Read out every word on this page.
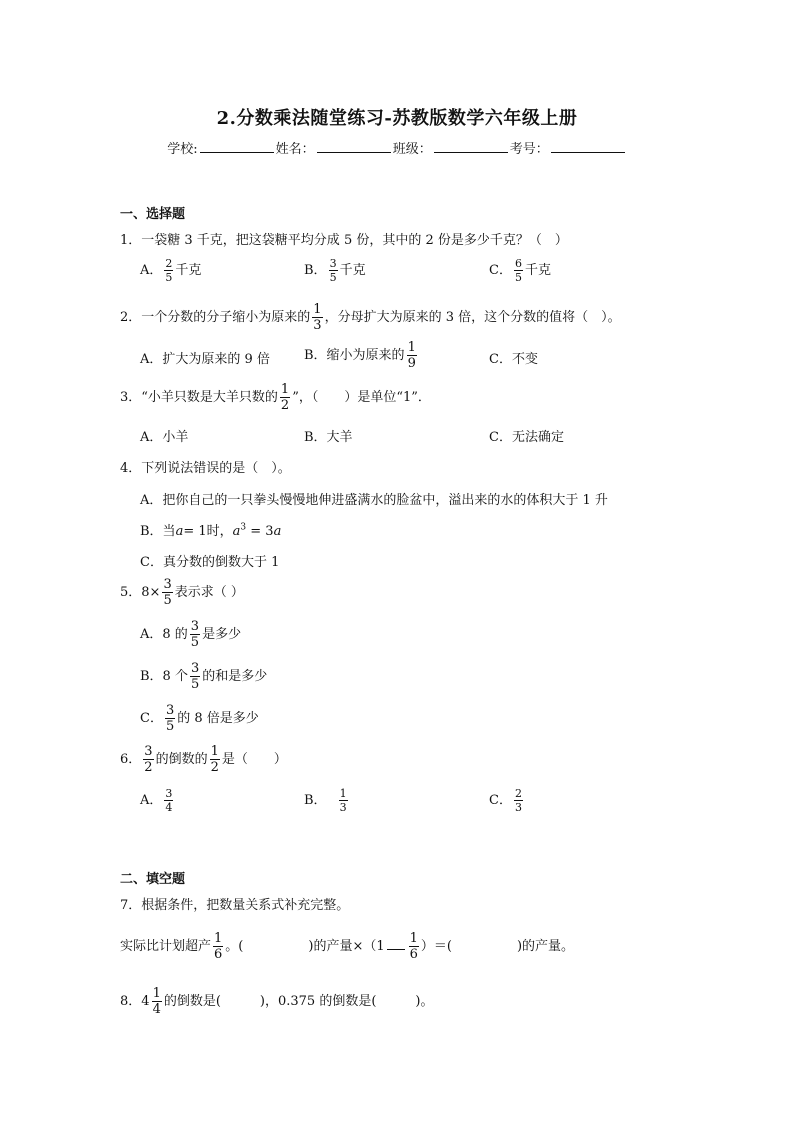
2.分数乘法随堂练习-苏教版数学六年级上册
学校:	姓名：	班级：	考号：
一、选择题
1．一袋糖 3 千克，把这袋糖平均分成 5 份，其中的 2 份是多少千克？（　）
A． $\frac{2}{5}$ 千克	B． $\frac{3}{5}$ 千克	C． $\frac{6}{5}$ 千克
2．一个分数的分子缩小为原来的 $\frac{1}{3}$ ，分母扩大为原来的 3 倍，这个分数的值将（　）。
A．扩大为原来的 9 倍	B．缩小为原来的 $\frac{1}{9}$	C．不变
3．“小羊只数是大羊只数的 $\frac{1}{2}$ ”，（　　）是单位“1”．
A．小羊	B．大羊	C．无法确定
4．下列说法错误的是（　）。
A．把你自己的一只拳头慢慢地伸进盛满水的脸盆中，溢出来的水的体积大于 1 升
B．当a= 1时，$a^3 = 3a$
C．真分数的倒数大于 1
5．$8\times \frac{3}{5}$ 表示求（ ）
A．8 的 $\frac{3}{5}$ 是多少
B．8 个 $\frac{3}{5}$ 的和是多少
C． $\frac{3}{5}$ 的 8 倍是多少
6． $\frac{3}{2}$ 的倒数的 $\frac{1}{2}$ 是（　　）
A． $\frac{3}{4}$	B． $\frac{1}{3}$	C． $\frac{2}{3}$
二、填空题
7．根据条件，把数量关系式补充完整。
实际比计划超产 $\frac{1}{6}$ 。(　　　　　)的产量$\times(1 \frac{1}{6}$ ）＝(　　　　　)的产量。
8． $4 \frac{1}{4}$ 的倒数是(　　　)，0.375 的倒数是(　　　)。
